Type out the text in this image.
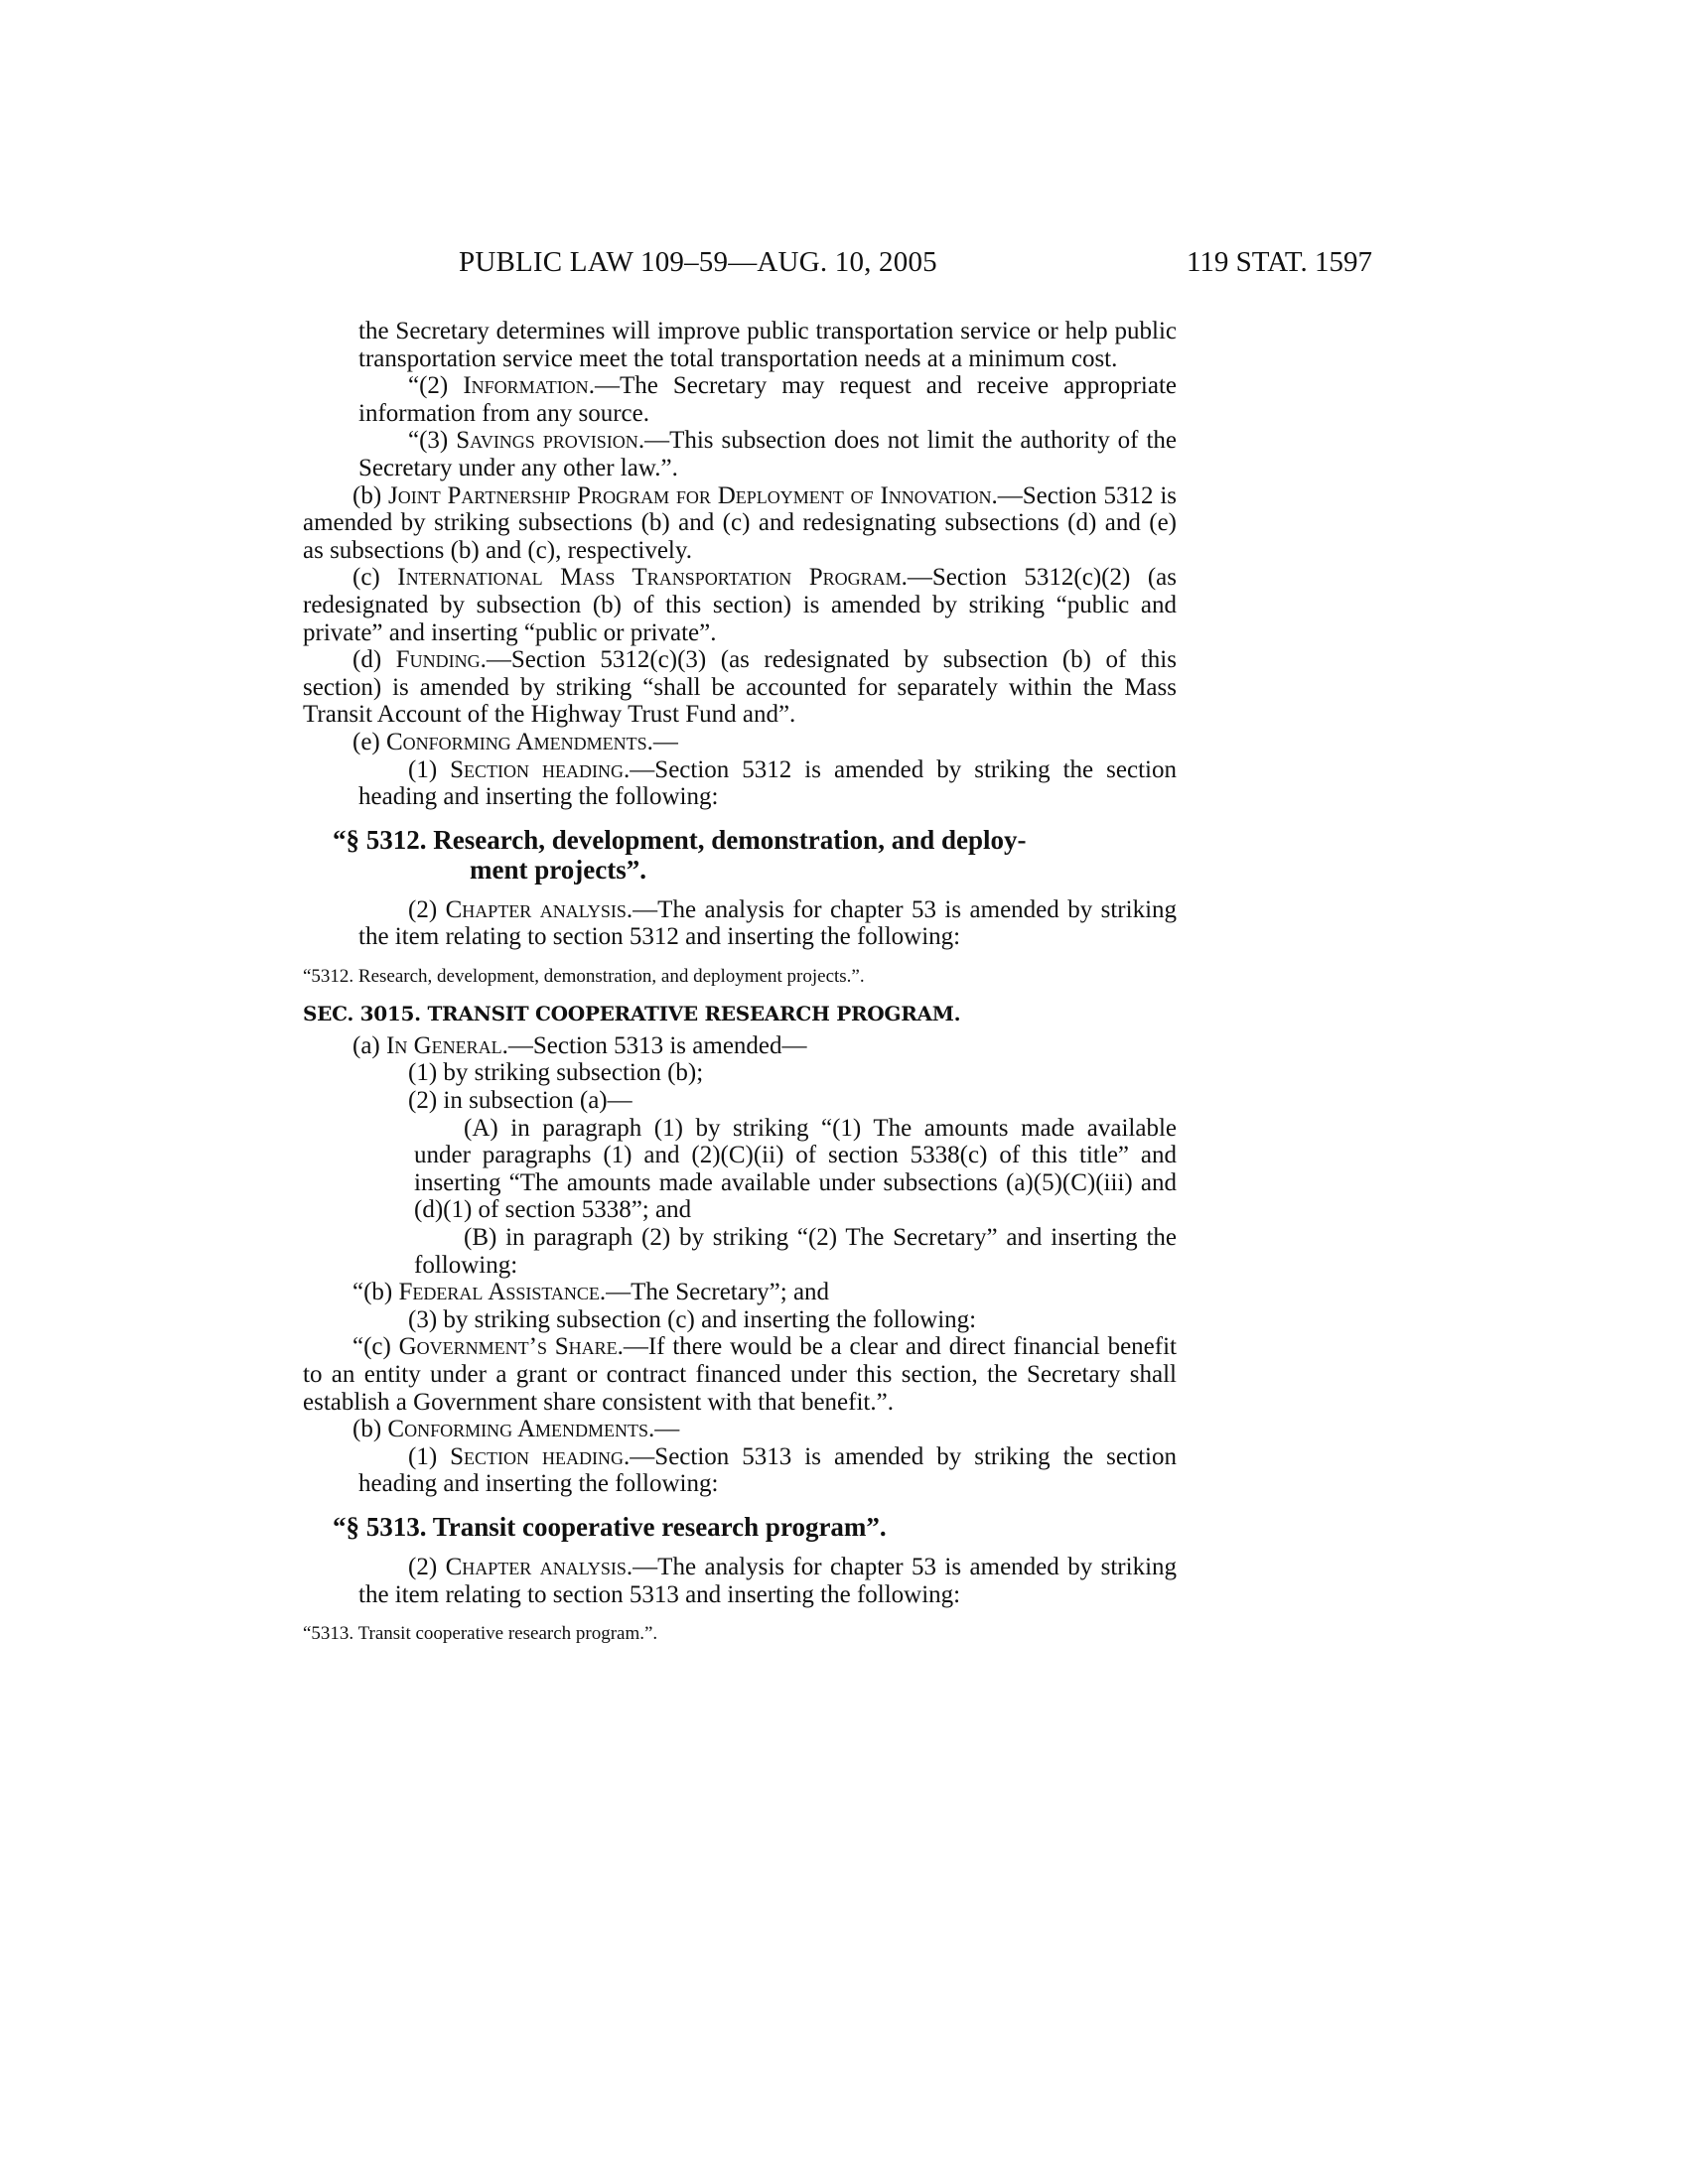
PUBLIC LAW 109–59—AUG. 10, 2005	119 STAT. 1597

the Secretary determines will improve public transportation service or help public transportation service meet the total transportation needs at a minimum cost.

“(2) Information.—The Secretary may request and receive appropriate information from any source.

“(3) Savings provision.—This subsection does not limit the authority of the Secretary under any other law.”.

(b) Joint Partnership Program for Deployment of Innovation.—Section 5312 is amended by striking subsections (b) and (c) and redesignating subsections (d) and (e) as subsections (b) and (c), respectively.

(c) International Mass Transportation Program.—Section 5312(c)(2) (as redesignated by subsection (b) of this section) is amended by striking “public and private” and inserting “public or private”.

(d) Funding.—Section 5312(c)(3) (as redesignated by subsection (b) of this section) is amended by striking “shall be accounted for separately within the Mass Transit Account of the Highway Trust Fund and”.

(e) Conforming Amendments.—

(1) Section heading.—Section 5312 is amended by striking the section heading and inserting the following:

“§ 5312. Research, development, demonstration, and deploy-
ment projects”.

(2) Chapter analysis.—The analysis for chapter 53 is amended by striking the item relating to section 5312 and inserting the following:

“5312. Research, development, demonstration, and deployment projects.”.

SEC. 3015. TRANSIT COOPERATIVE RESEARCH PROGRAM.

(a) In General.—Section 5313 is amended—

(1) by striking subsection (b);

(2) in subsection (a)—

(A) in paragraph (1) by striking “(1) The amounts made available under paragraphs (1) and (2)(C)(ii) of section 5338(c) of this title” and inserting “The amounts made available under subsections (a)(5)(C)(iii) and (d)(1) of section 5338”; and

(B) in paragraph (2) by striking “(2) The Secretary” and inserting the following:

“(b) Federal Assistance.—The Secretary”; and

(3) by striking subsection (c) and inserting the following:

“(c) Government’s Share.—If there would be a clear and direct financial benefit to an entity under a grant or contract financed under this section, the Secretary shall establish a Government share consistent with that benefit.”.

(b) Conforming Amendments.—

(1) Section heading.—Section 5313 is amended by striking the section heading and inserting the following:

“§ 5313. Transit cooperative research program”.

(2) Chapter analysis.—The analysis for chapter 53 is amended by striking the item relating to section 5313 and inserting the following:

“5313. Transit cooperative research program.”.
